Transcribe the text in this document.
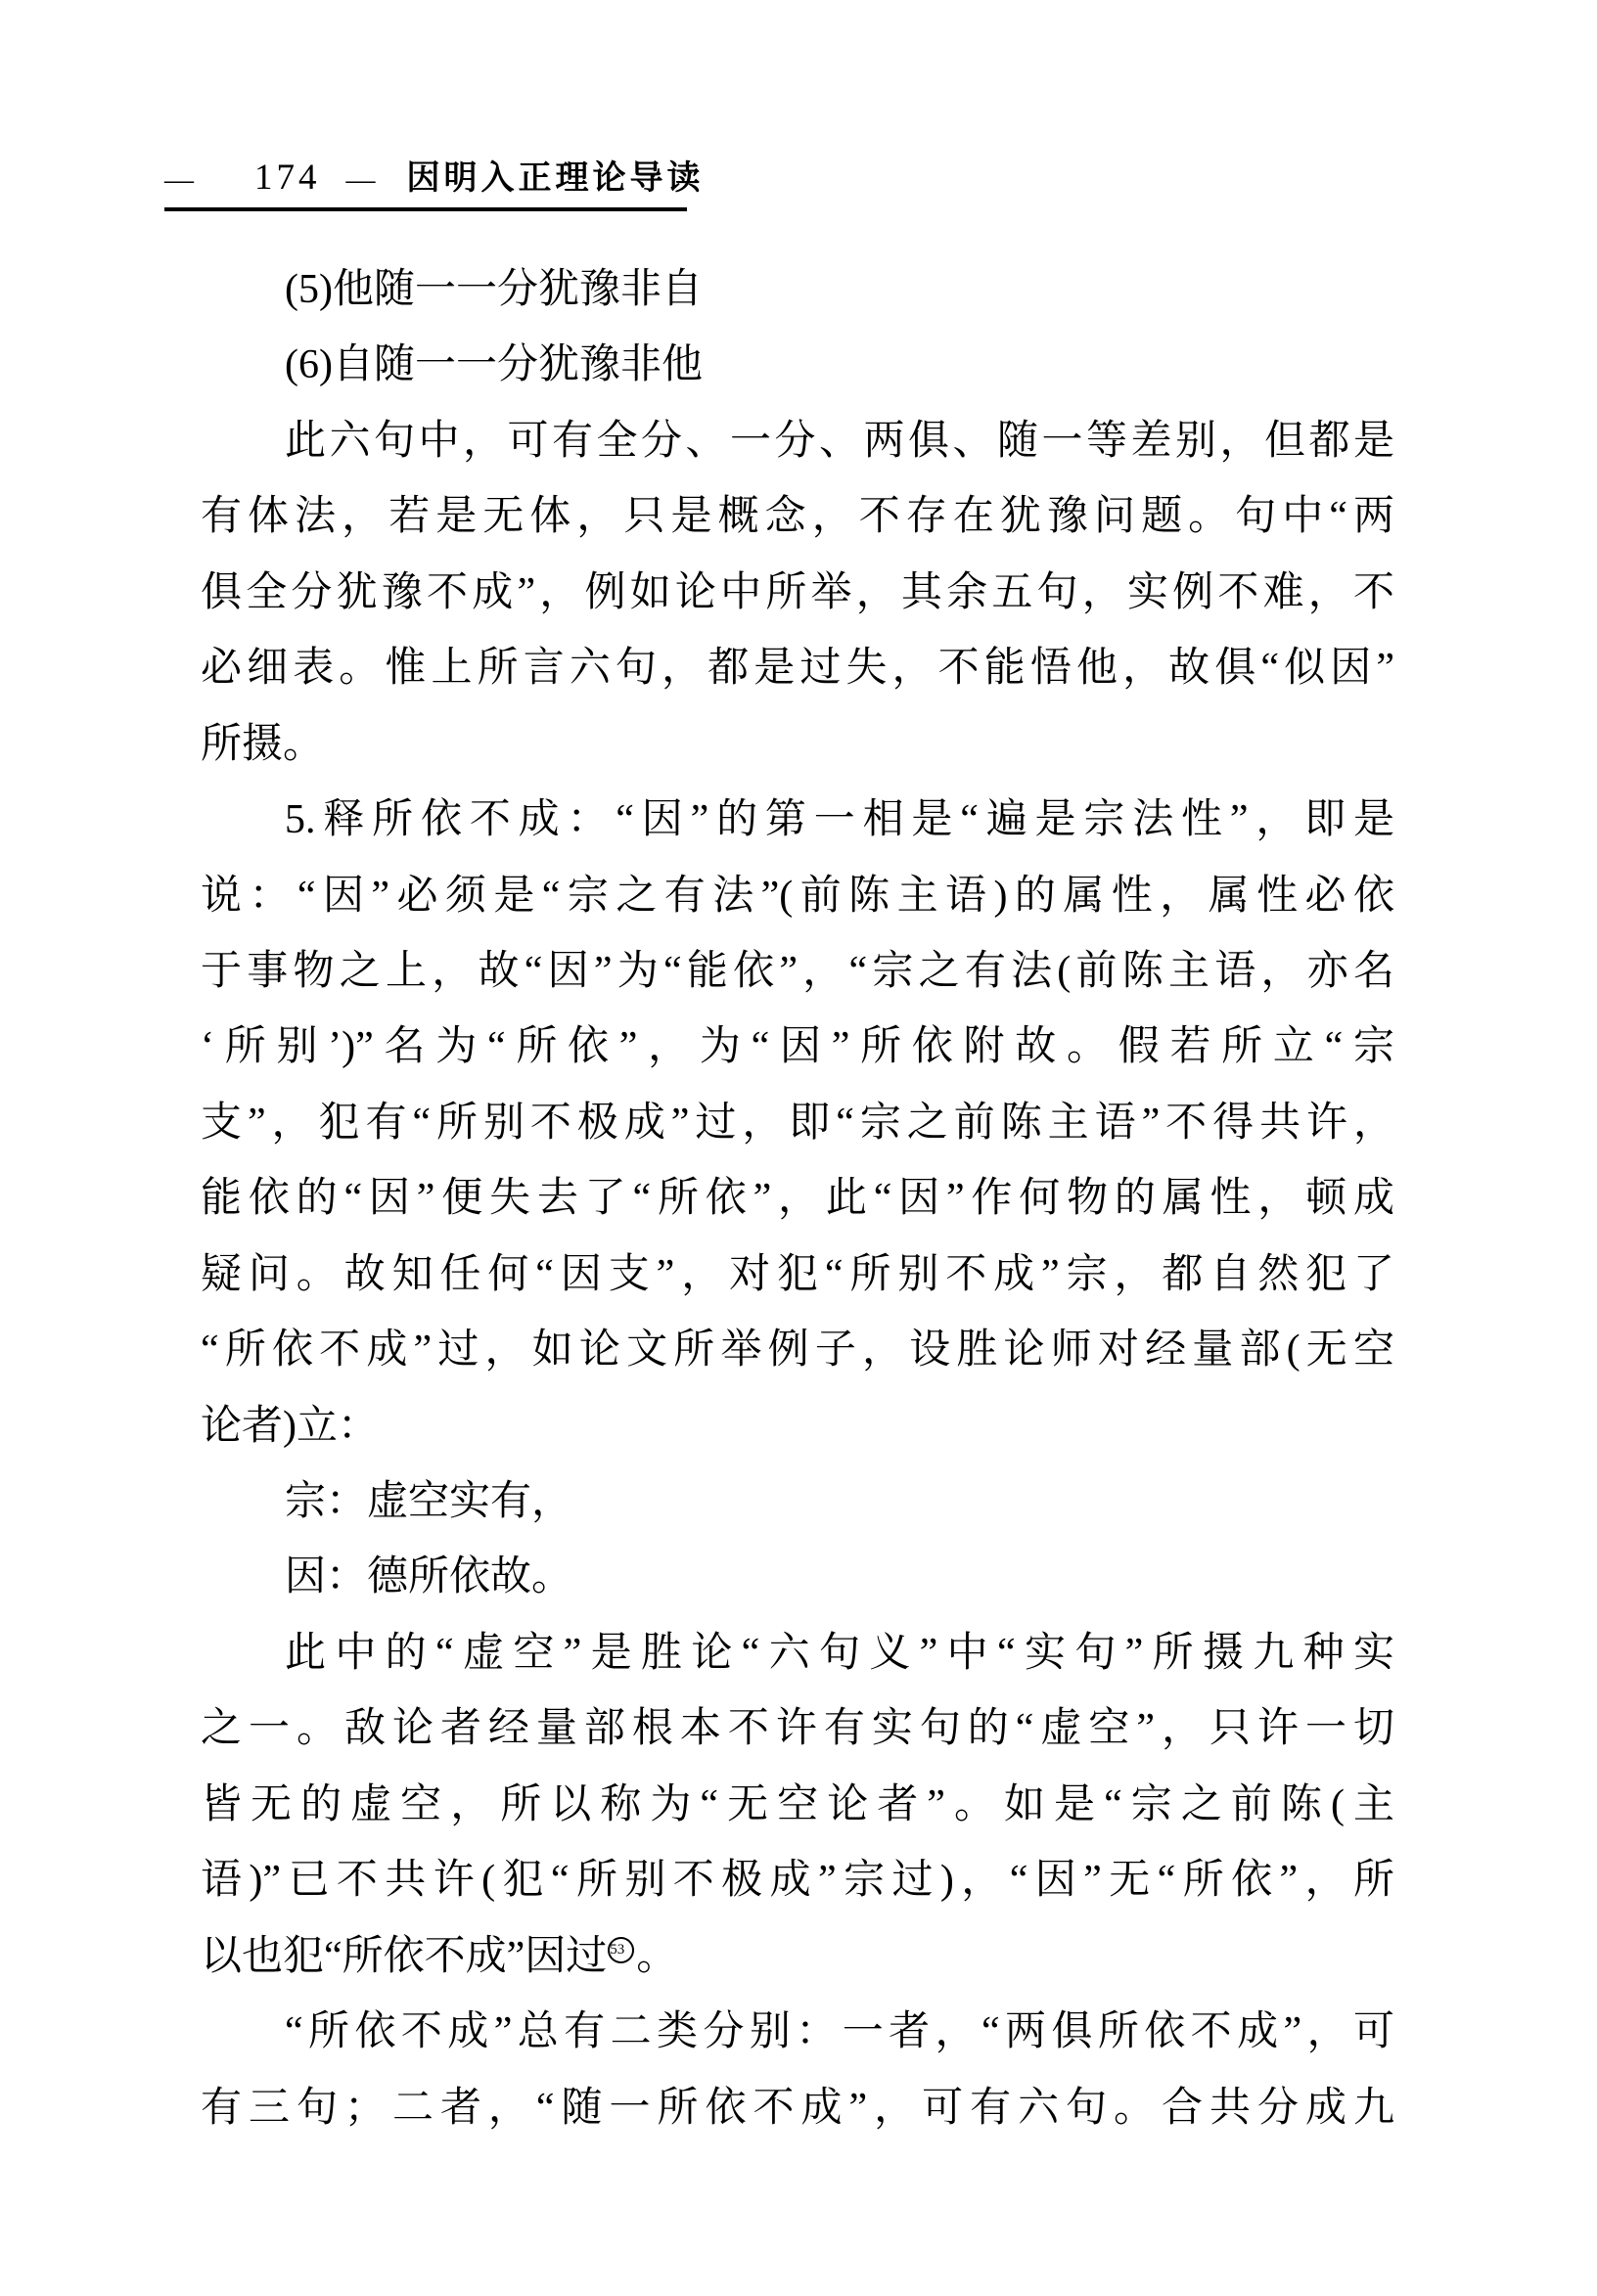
— 174 — 因明入正理论导读
(5)他随一一分犹豫非自
(6)自随一一分犹豫非他
此六句中，可有全分、一分、两俱、随一等差别，但都是
有体法，若是无体，只是概念，不存在犹豫问题。句中“两
俱全分犹豫不成”，例如论中所举，其余五句，实例不难，不
必细表。惟上所言六句，都是过失，不能悟他，故俱“似因”
所摄。
5.释所依不成：“因”的第一相是“遍是宗法性”，即是
说：“因”必须是“宗之有法”(前陈主语)的属性，属性必依
于事物之上，故“因”为“能依”，“宗之有法(前陈主语，亦名
‘所别’)”名为“所依”，为“因”所依附故。假若所立“宗
支”，犯有“所别不极成”过，即“宗之前陈主语”不得共许，
能依的“因”便失去了“所依”，此“因”作何物的属性，顿成
疑问。故知任何“因支”，对犯“所别不成”宗，都自然犯了
“所依不成”过，如论文所举例子，设胜论师对经量部(无空
论者)立：
宗：虚空实有，
因：德所依故。
此中的“虚空”是胜论“六句义”中“实句”所摄九种实
之一。敌论者经量部根本不许有实句的“虚空”，只许一切
皆无的虚空，所以称为“无空论者”。如是“宗之前陈(主
语)”已不共许(犯“所别不极成”宗过)，“因”无“所依”，所
以也犯“所依不成”因过 53 。
“所依不成”总有二类分别：一者，“两俱所依不成”，可
有三句；二者，“随一所依不成”，可有六句。合共分成九
